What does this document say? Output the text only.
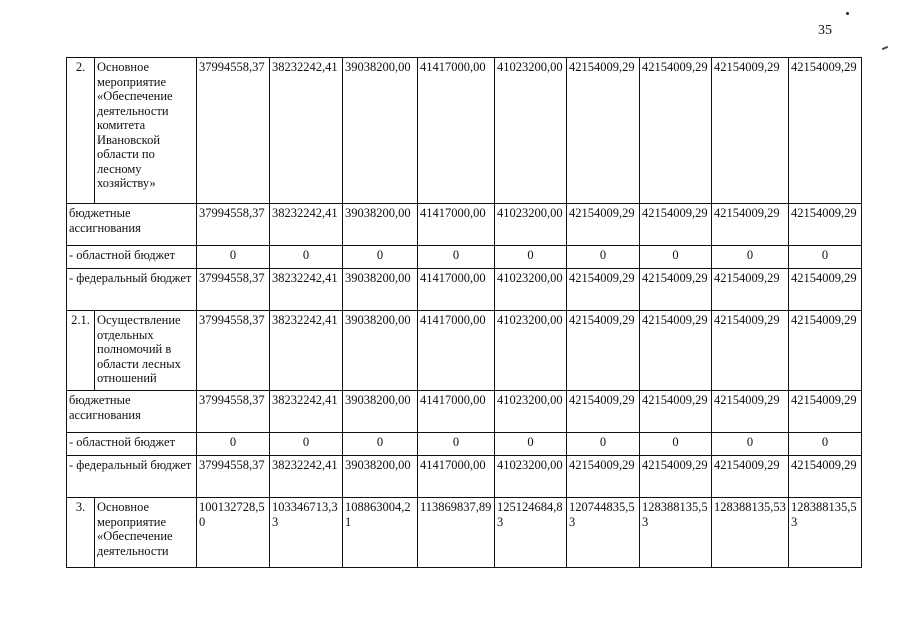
35
2.	Основное мероприятие «Обеспечение деятельности комитета Ивановской области по лесному хозяйству»	37994558,37	38232242,41	39038200,00	41417000,00	41023200,00	42154009,29	42154009,29	42154009,29	42154009,29
бюджетные ассигнования		37994558,37	38232242,41	39038200,00	41417000,00	41023200,00	42154009,29	42154009,29	42154009,29	42154009,29
- областной бюджет		0	0	0	0	0	0	0	0	0
- федеральный бюджет		37994558,37	38232242,41	39038200,00	41417000,00	41023200,00	42154009,29	42154009,29	42154009,29	42154009,29
2.1.	Осуществление отдельных полномочий в области лесных отношений	37994558,37	38232242,41	39038200,00	41417000,00	41023200,00	42154009,29	42154009,29	42154009,29	42154009,29
бюджетные ассигнования		37994558,37	38232242,41	39038200,00	41417000,00	41023200,00	42154009,29	42154009,29	42154009,29	42154009,29
- областной бюджет		0	0	0	0	0	0	0	0	0
- федеральный бюджет		37994558,37	38232242,41	39038200,00	41417000,00	41023200,00	42154009,29	42154009,29	42154009,29	42154009,29
3.	Основное мероприятие «Обеспечение деятельности	100132728,50	103346713,33	108863004,21	113869837,89	125124684,83	120744835,53	128388135,53	128388135,53	128388135,53
